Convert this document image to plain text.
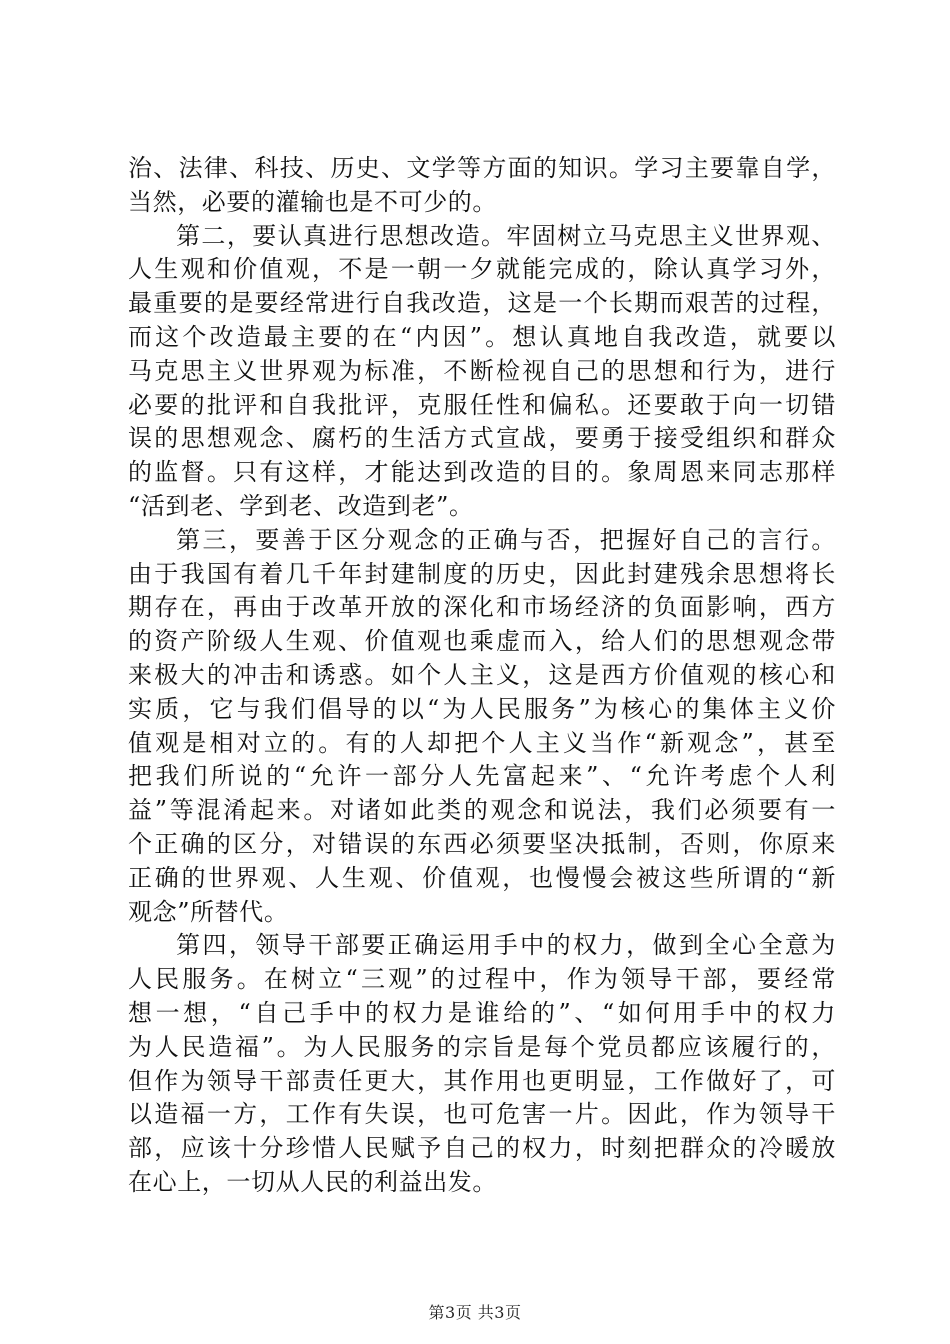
治、法律、科技、历史、文学等方面的知识。学习主要靠自学，
当然，必要的灌输也是不可少的。
第二，要认真进行思想改造。牢固树立马克思主义世界观、
人生观和价值观，不是一朝一夕就能完成的，除认真学习外，
最重要的是要经常进行自我改造，这是一个长期而艰苦的过程，
而这个改造最主要的在“内因”。想认真地自我改造，就要以
马克思主义世界观为标准，不断检视自己的思想和行为，进行
必要的批评和自我批评，克服任性和偏私。还要敢于向一切错
误的思想观念、腐朽的生活方式宣战，要勇于接受组织和群众
的监督。只有这样，才能达到改造的目的。象周恩来同志那样
“活到老、学到老、改造到老”。
第三，要善于区分观念的正确与否，把握好自己的言行。
由于我国有着几千年封建制度的历史，因此封建残余思想将长
期存在，再由于改革开放的深化和市场经济的负面影响，西方
的资产阶级人生观、价值观也乘虚而入，给人们的思想观念带
来极大的冲击和诱惑。如个人主义，这是西方价值观的核心和
实质，它与我们倡导的以“为人民服务”为核心的集体主义价
值观是相对立的。有的人却把个人主义当作“新观念”，甚至
把我们所说的“允许一部分人先富起来”、“允许考虑个人利
益”等混淆起来。对诸如此类的观念和说法，我们必须要有一
个正确的区分，对错误的东西必须要坚决抵制，否则，你原来
正确的世界观、人生观、价值观，也慢慢会被这些所谓的“新
观念”所替代。
第四，领导干部要正确运用手中的权力，做到全心全意为
人民服务。在树立“三观”的过程中，作为领导干部，要经常
想一想，“自己手中的权力是谁给的”、“如何用手中的权力
为人民造福”。为人民服务的宗旨是每个党员都应该履行的，
但作为领导干部责任更大，其作用也更明显，工作做好了，可
以造福一方，工作有失误，也可危害一片。因此，作为领导干
部，应该十分珍惜人民赋予自己的权力，时刻把群众的冷暖放
在心上，一切从人民的利益出发。
第3页 共3页
